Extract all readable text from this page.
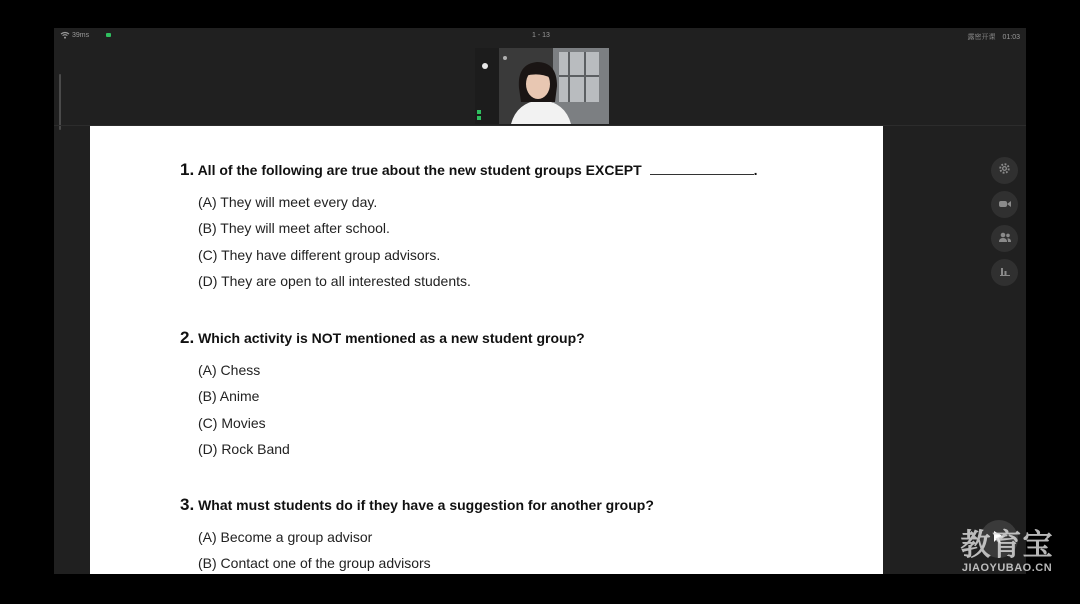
39ms	1 - 13	露密开课 01:03
1. All of the following are true about the new student groups EXCEPT	.
(A) They will meet every day.
(B) They will meet after school.
(C) They have different group advisors.
(D) They are open to all interested students.
2. Which activity is NOT mentioned as a new student group?
(A) Chess
(B) Anime
(C) Movies
(D) Rock Band
3. What must students do if they have a suggestion for another group?
(A) Become a group advisor
(B) Contact one of the group advisors
教育宝
JIAOYUBAO.CN
